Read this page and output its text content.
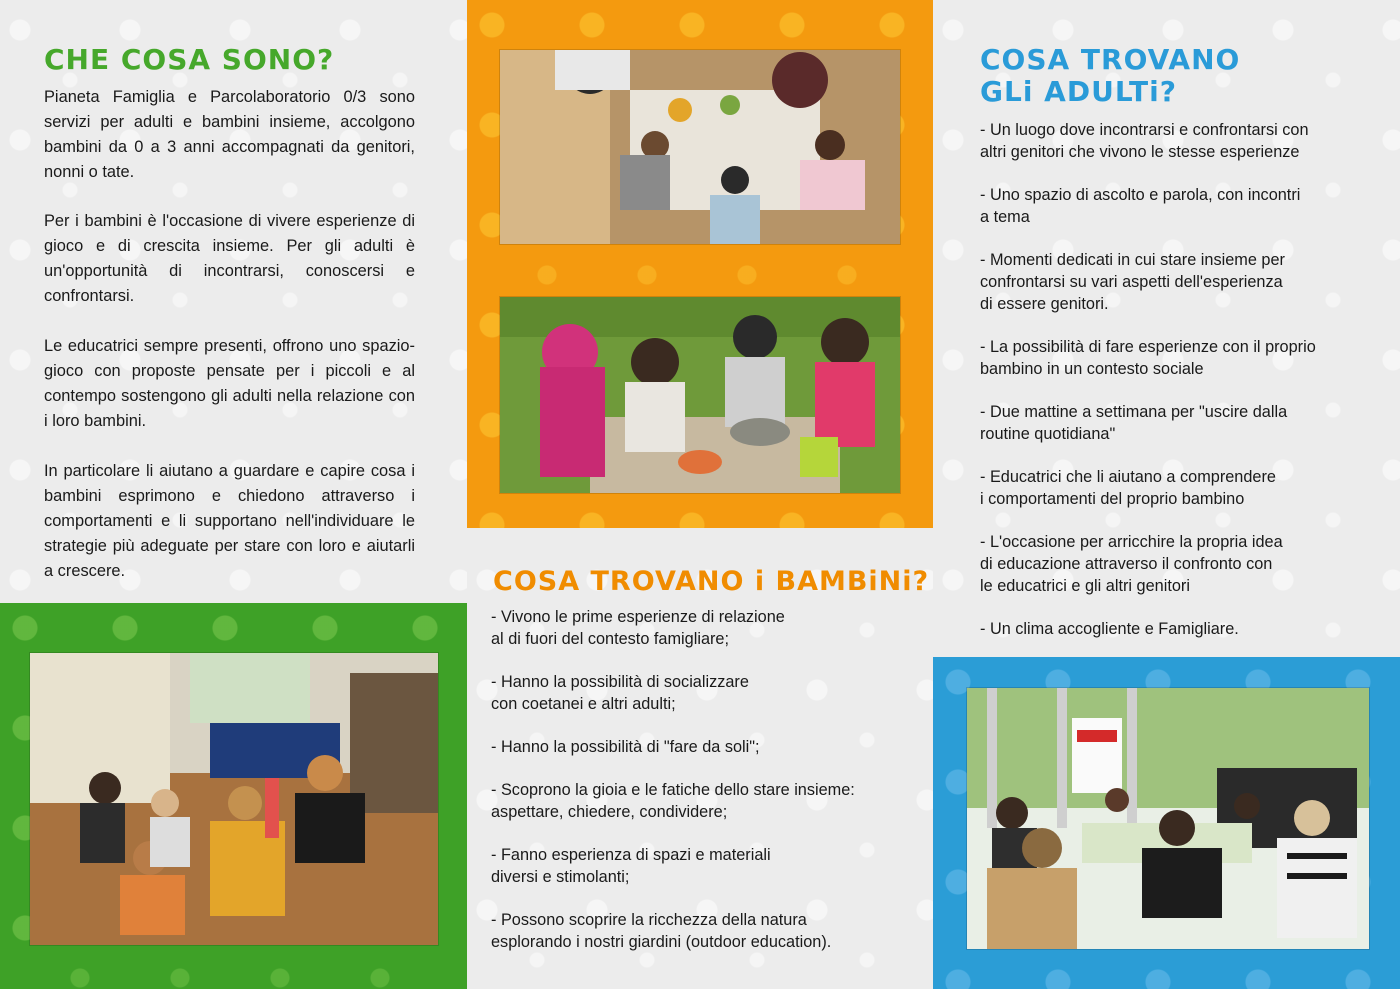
CHE COSA SONO?

Pianeta Famiglia e Parcolaboratorio 0/3 sono servizi per adulti e bambini insieme, accolgono bambini da 0 a 3 anni accompagnati da genitori, nonni o tate.

Per i bambini è l'occasione di vivere esperienze di gioco e di crescita insieme. Per gli adulti è un'opportunità di incontrarsi, conoscersi e confrontarsi.

Le educatrici sempre presenti, offrono uno spazio-gioco con proposte pensate per i piccoli e al contempo sostengono gli adulti nella relazione con i loro bambini.

In particolare li aiutano a guardare e capire cosa i bambini esprimono e chiedono attraverso i comportamenti e li supportano nell'individuare le strategie più adeguate per stare con loro e aiutarli a crescere.	COSA TROVANO i BAMBiNi?
- Vivono le prime esperienze di relazione
al di fuori del contesto famigliare;
- Hanno la possibilità di socializzare
con coetanei e altri adulti;
- Hanno la possibilità di "fare da soli";
- Scoprono la gioia e le fatiche dello stare insieme:
aspettare, chiedere, condividere;
- Fanno esperienza di spazi e materiali
diversi e stimolanti;
- Possono scoprire la ricchezza della natura
esplorando i nostri giardini (outdoor education).
COSA TROVANO
GLi ADULTi?
- Un luogo dove incontrarsi e confrontarsi con
altri genitori che vivono le stesse esperienze
- Uno spazio di ascolto e parola, con incontri
a tema
- Momenti dedicati in cui stare insieme per
confrontarsi su vari aspetti dell'esperienza
di essere genitori.
- La possibilità di fare esperienze con il proprio
bambino in un contesto sociale
- Due mattine a settimana per "uscire dalla
routine quotidiana"
- Educatrici che li aiutano a comprendere
i comportamenti del proprio bambino
- L'occasione per arricchire la propria idea
di educazione attraverso il confronto con
le educatrici e gli altri genitori
- Un clima accogliente e Famigliare.
